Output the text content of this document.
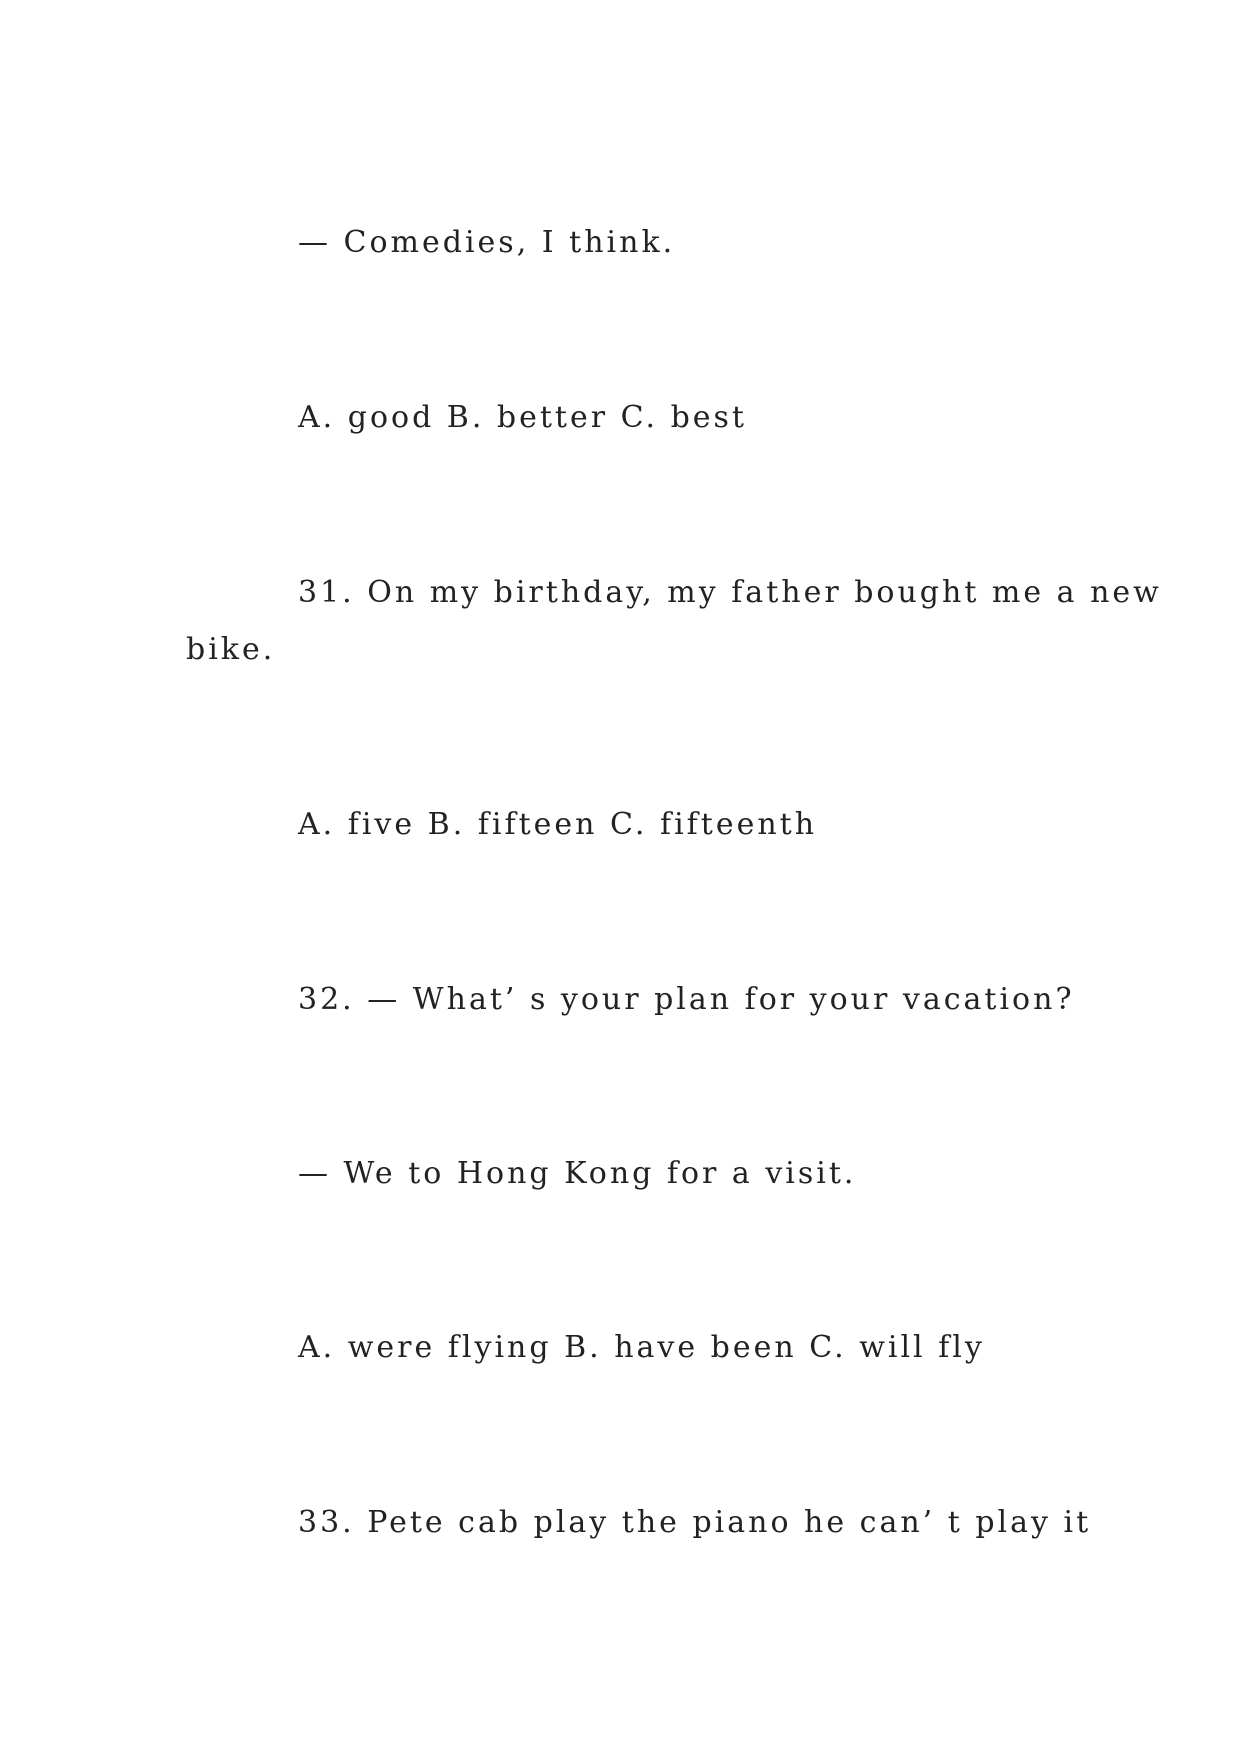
— Comedies, I think.
A. good B. better C. best
31. On my birthday, my father bought me a new
bike.
A. five B. fifteen C. fifteenth
32. — What’ s your plan for your vacation?
— We to Hong Kong for a visit.
A. were flying B. have been C. will fly
33. Pete cab play the piano he can’ t play it
